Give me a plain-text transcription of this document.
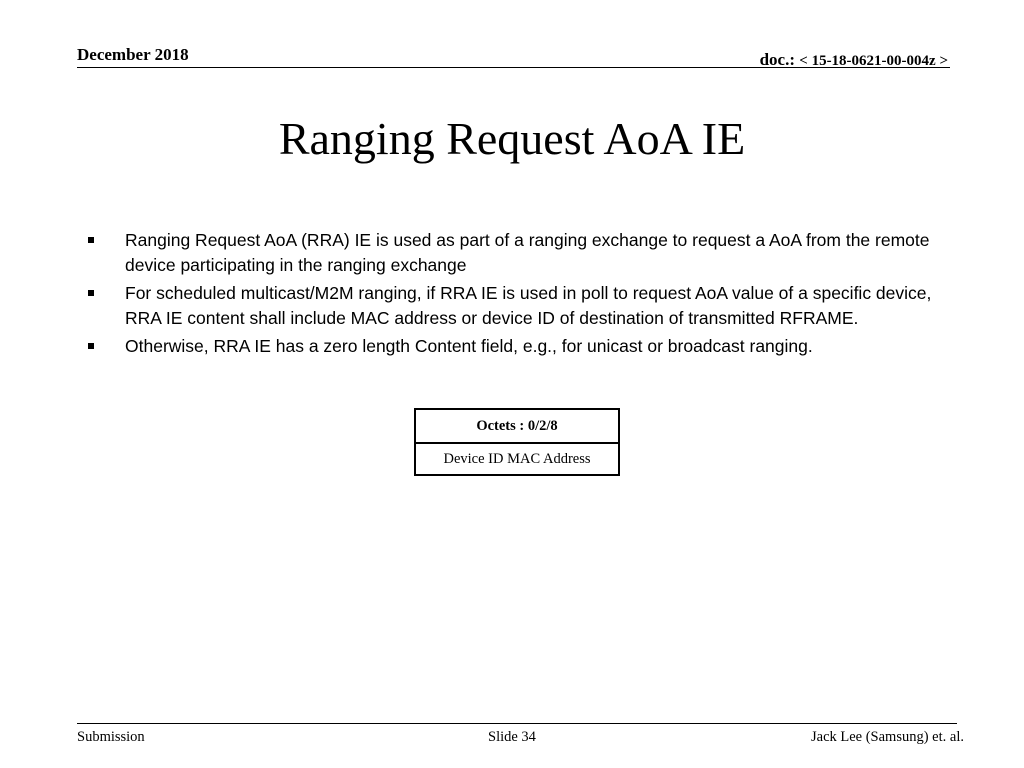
December 2018	doc.: < 15-18-0621-00-004z >
Ranging Request AoA IE
Ranging Request AoA (RRA) IE is used as part of a ranging exchange to request a AoA from the remote device participating in the ranging exchange
For scheduled multicast/M2M ranging, if RRA IE is used in poll to request AoA value of a specific device, RRA IE content shall include MAC address or device ID of destination of transmitted RFRAME.
Otherwise, RRA IE has a zero length Content field, e.g., for unicast or broadcast ranging.
Octets : 0/2/8
Device ID MAC Address
Submission	Slide 34	Jack Lee (Samsung) et. al.
